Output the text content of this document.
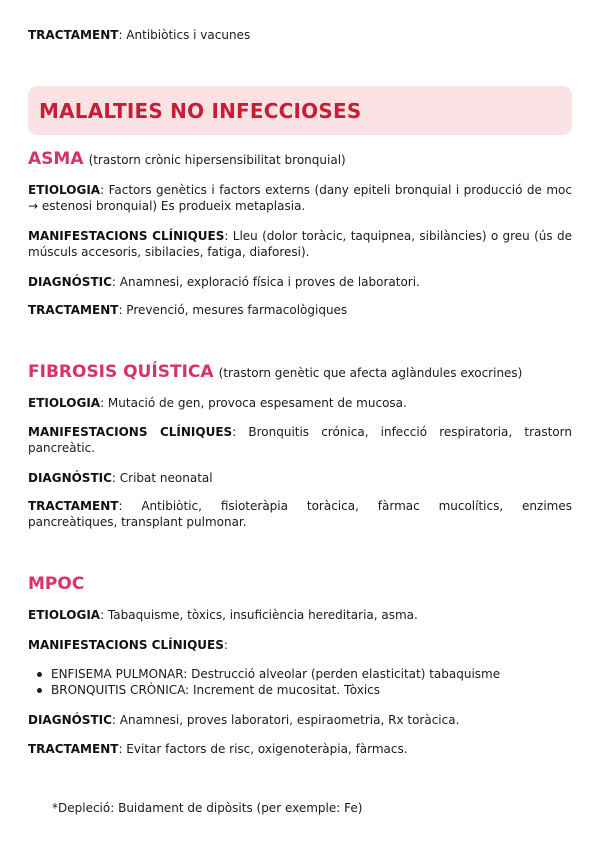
TRACTAMENT: Antibiòtics i vacunes

MALALTIES NO INFECCIOSES

ASMA (trastorn crònic hipersensibilitat bronquial)

ETIOLOGIA: Factors genètics i factors externs (dany epiteli bronquial i producció de moc → estenosi bronquial) Es produeix metaplasia.

MANIFESTACIONS CLÍNIQUES: Lleu (dolor toràcic, taquipnea, sibilàncies) o greu (ús de músculs accesoris, sibilacies, fatiga, diaforesi).

DIAGNÓSTIC: Anamnesi, exploració física i proves de laboratori.

TRACTAMENT: Prevenció, mesures farmacològiques

FIBROSIS QUÍSTICA (trastorn genètic que afecta aglàndules exocrines)

ETIOLOGIA: Mutació de gen, provoca espesament de mucosa.

MANIFESTACIONS CLÍNIQUES: Bronquitis crónica, infecció respiratoria, trastorn pancreàtic.

DIAGNÓSTIC: Cribat neonatal

TRACTAMENT: Antibiòtic, fisioteràpia toràcica, fàrmac mucolítics, enzimes pancreàtiques, transplant pulmonar.

MPOC

ETIOLOGIA: Tabaquisme, tòxics, insuficiència hereditaria, asma.

MANIFESTACIONS CLÍNIQUES:

ENFISEMA PULMONAR: Destrucció alveolar (perden elasticitat) tabaquisme
BRONQUITIS CRÒNICA: Increment de mucositat. Tòxics

DIAGNÓSTIC: Anamnesi, proves laboratori, espiraometria, Rx toràcica.

TRACTAMENT: Evitar factors de risc, oxigenoteràpia, fàrmacs.

*Depleció: Buidament de dipòsits (per exemple: Fe)
